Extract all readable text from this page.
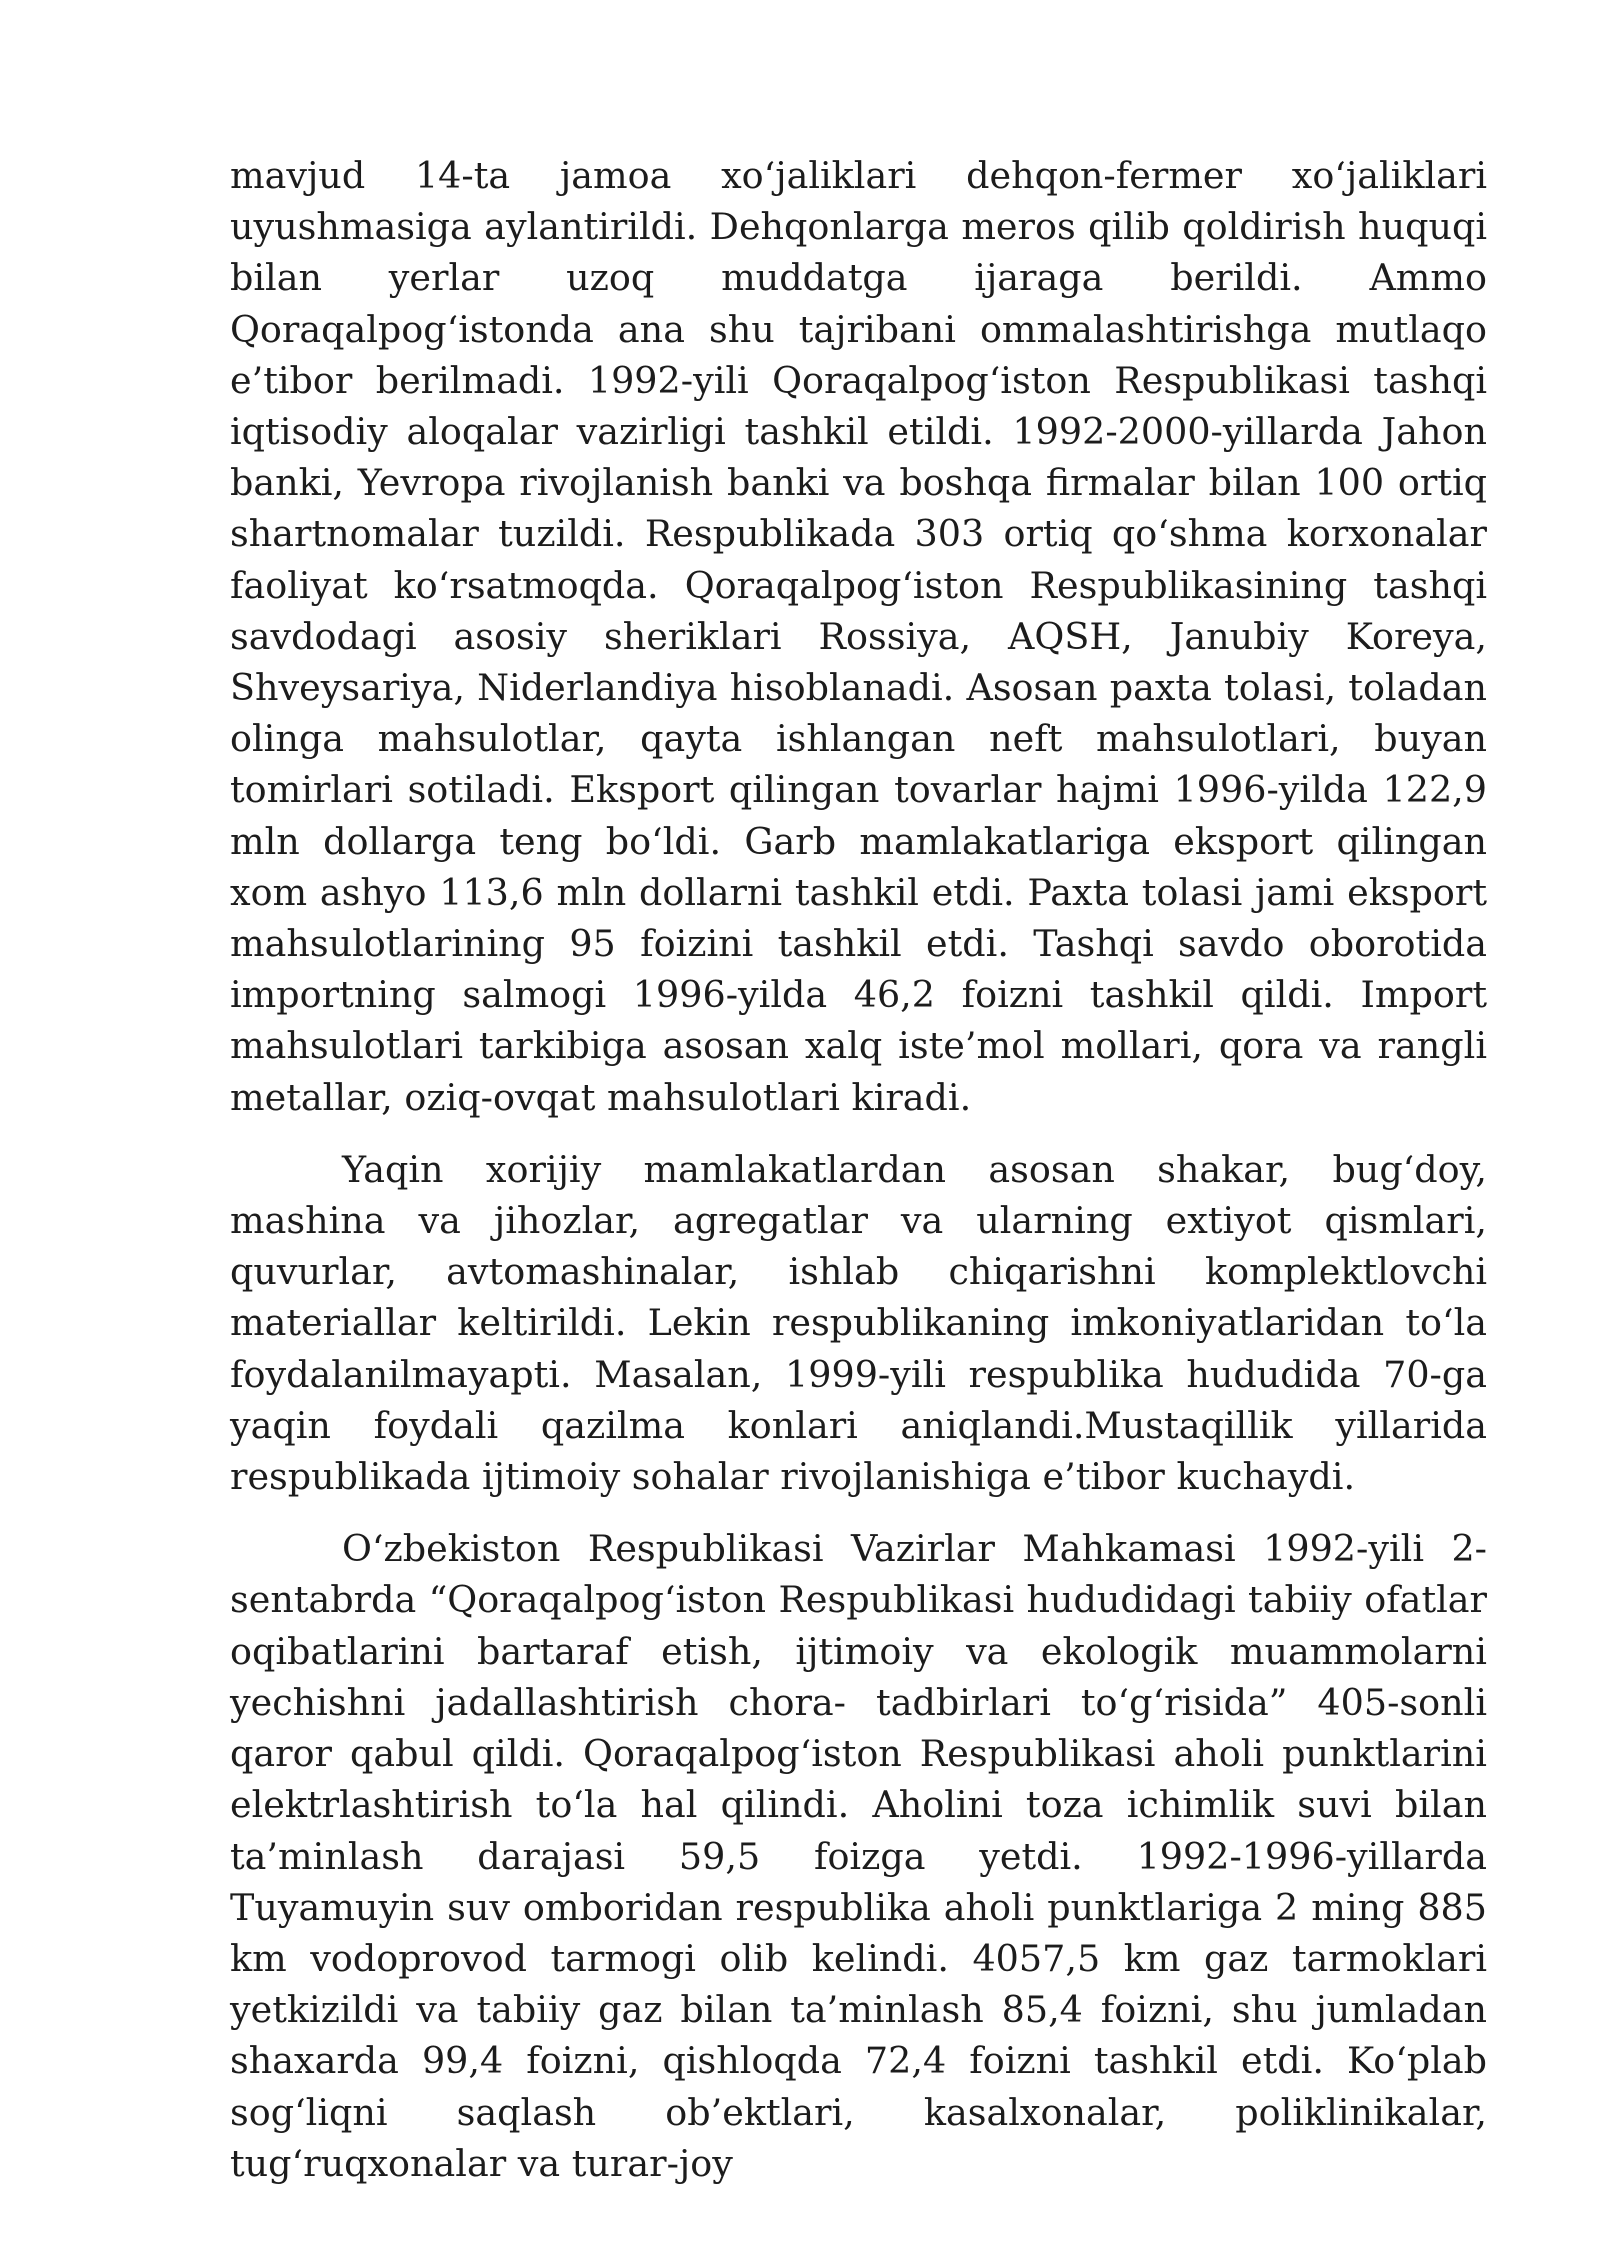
mavjud 14-ta jamoa xo‘jaliklari dehqon-fermer xo‘jaliklari uyushmasiga aylantirildi. Dehqonlarga meros qilib qoldirish huquqi bilan yerlar uzoq muddatga ijaraga berildi. Ammo Qoraqalpog‘istonda ana shu tajribani ommalashtirishga mutlaqo e’tibor berilmadi. 1992-yili Qoraqalpog‘iston Respublikasi tashqi iqtisodiy aloqalar vazirligi tashkil etildi. 1992-2000-yillarda Jahon banki, Yevropa rivojlanish banki va boshqa firmalar bilan 100 ortiq shartnomalar tuzildi. Respublikada 303 ortiq qo‘shma korxonalar faoliyat ko‘rsatmoqda. Qoraqalpog‘iston Respublikasining tashqi savdodagi asosiy sheriklari Rossiya, AQSH, Janubiy Koreya, Shveysariya, Niderlandiya hisoblanadi. Asosan paxta tolasi, toladan olinga mahsulotlar, qayta ishlangan neft mahsulotlari, buyan tomirlari sotiladi. Eksport qilingan tovarlar hajmi 1996-yilda 122,9 mln dollarga teng bo‘ldi. Garb mamlakatlariga eksport qilingan xom ashyo 113,6 mln dollarni tashkil etdi. Paxta tolasi jami eksport mahsulotlarining 95 foizini tashkil etdi. Tashqi savdo oborotida importning salmogi 1996-yilda 46,2 foizni tashkil qildi. Import mahsulotlari tarkibiga asosan xalq iste’mol mollari, qora va rangli metallar, oziq-ovqat mahsulotlari kiradi.

Yaqin xorijiy mamlakatlardan asosan shakar, bug‘doy, mashina va jihozlar, agregatlar va ularning extiyot qismlari, quvurlar, avtomashinalar, ishlab chiqarishni komplektlovchi materiallar keltirildi. Lekin respublikaning imkoniyatlaridan to‘la foydalanilmayapti. Masalan, 1999-yili respublika hududida 70-ga yaqin foydali qazilma konlari aniqlandi.Mustaqillik yillarida respublikada ijtimoiy sohalar rivojlanishiga e’tibor kuchaydi.

O‘zbekiston Respublikasi Vazirlar Mahkamasi 1992-yili 2-sentabrda “Qoraqalpog‘iston Respublikasi hududidagi tabiiy ofatlar oqibatlarini bartaraf etish, ijtimoiy va ekologik muammolarni yechishni jadallashtirish chora- tadbirlari to‘g‘risida” 405-sonli qaror qabul qildi. Qoraqalpog‘iston Respublikasi aholi punktlarini elektrlashtirish to‘la hal qilindi. Aholini toza ichimlik suvi bilan ta’minlash darajasi 59,5 foizga yetdi. 1992-1996-yillarda Tuyamuyin suv omboridan respublika aholi punktlariga 2 ming 885 km vodoprovod tarmogi olib kelindi. 4057,5 km gaz tarmoklari yetkizildi va tabiiy gaz bilan ta’minlash 85,4 foizni, shu jumladan shaxarda 99,4 foizni, qishloqda 72,4 foizni tashkil etdi. Ko‘plab sog‘liqni saqlash ob’ektlari, kasalxonalar, poliklinikalar, tug‘ruqxonalar va turar-joy
